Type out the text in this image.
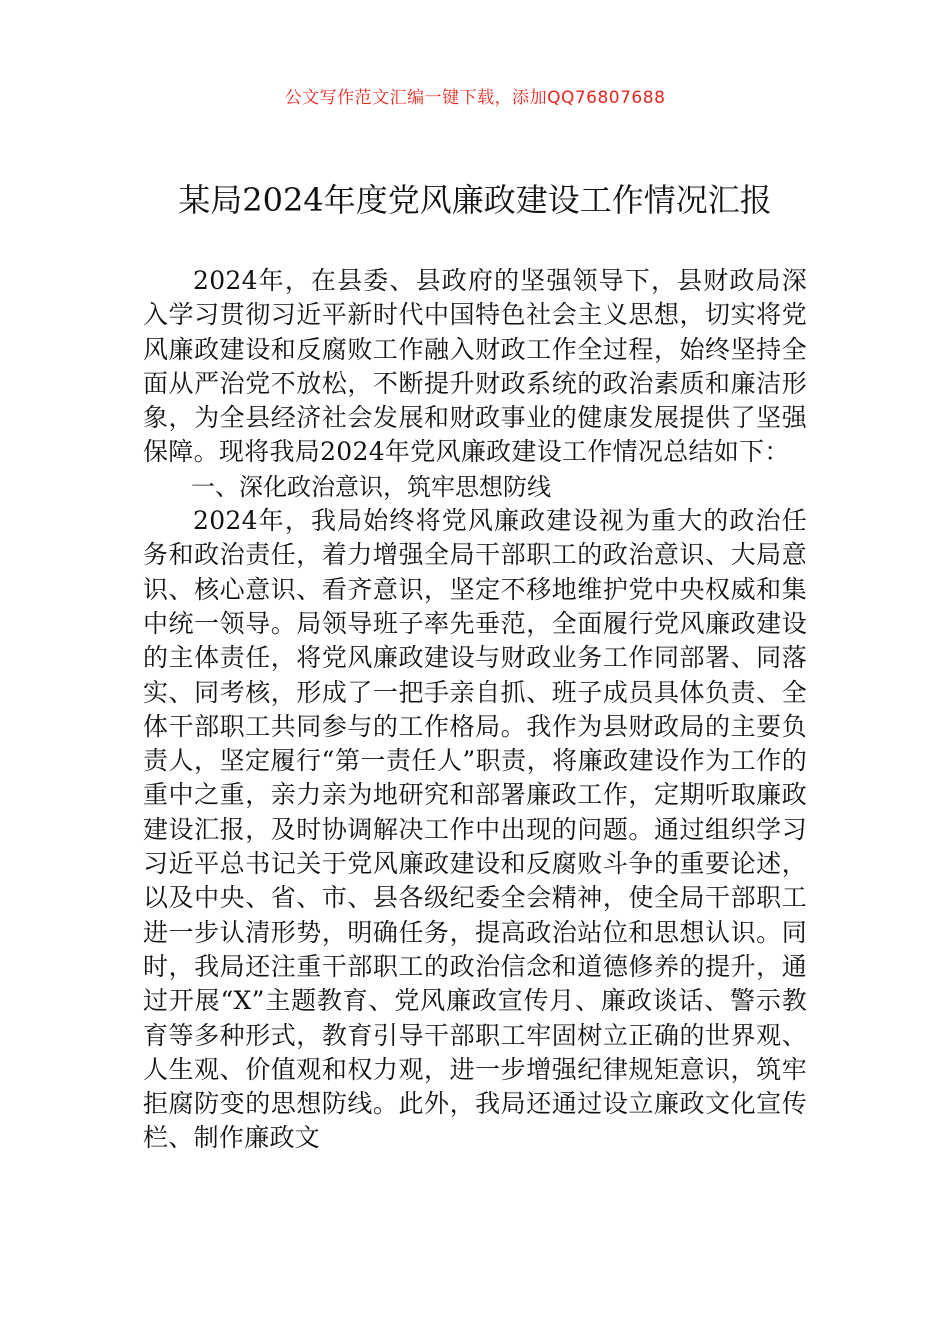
公文写作范文汇编一键下载，添加QQ76807688
某局2024年度党风廉政建设工作情况汇报

2024年，在县委、县政府的坚强领导下，县财政局深入学习贯彻习近平新时代中国特色社会主义思想，切实将党风廉政建设和反腐败工作融入财政工作全过程，始终坚持全面从严治党不放松，不断提升财政系统的政治素质和廉洁形象，为全县经济社会发展和财政事业的健康发展提供了坚强保障。现将我局2024年党风廉政建设工作情况总结如下：

一、深化政治意识，筑牢思想防线

2024年，我局始终将党风廉政建设视为重大的政治任务和政治责任，着力增强全局干部职工的政治意识、大局意识、核心意识、看齐意识，坚定不移地维护党中央权威和集中统一领导。局领导班子率先垂范，全面履行党风廉政建设的主体责任，将党风廉政建设与财政业务工作同部署、同落实、同考核，形成了一把手亲自抓、班子成员具体负责、全体干部职工共同参与的工作格局。我作为县财政局的主要负责人，坚定履行“第一责任人”职责，将廉政建设作为工作的重中之重，亲力亲为地研究和部署廉政工作，定期听取廉政建设汇报，及时协调解决工作中出现的问题。通过组织学习习近平总书记关于党风廉政建设和反腐败斗争的重要论述，以及中央、省、市、县各级纪委全会精神，使全局干部职工进一步认清形势，明确任务，提高政治站位和思想认识。同时，我局还注重干部职工的政治信念和道德修养的提升，通过开展“X”主题教育、党风廉政宣传月、廉政谈话、警示教育等多种形式，教育引导干部职工牢固树立正确的世界观、人生观、价值观和权力观，进一步增强纪律规矩意识，筑牢拒腐防变的思想防线。此外，我局还通过设立廉政文化宣传栏、制作廉政文
